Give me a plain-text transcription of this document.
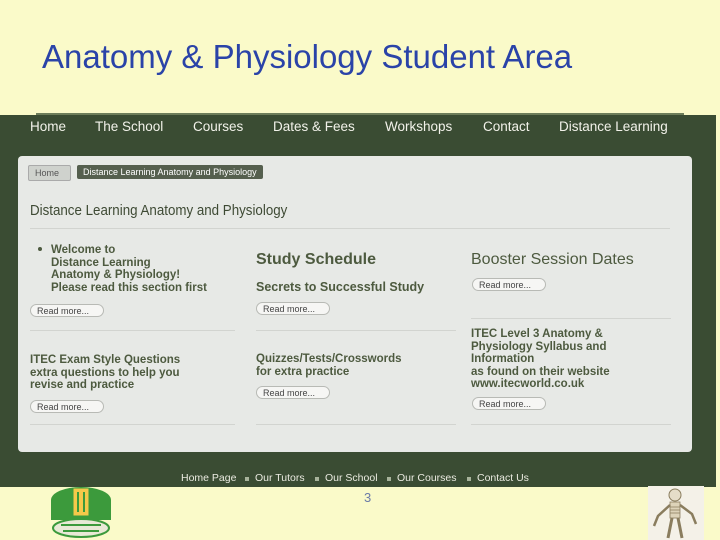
Anatomy & Physiology Student Area
Home The School Courses Dates & Fees Workshops Contact Distance Learning
Home	Distance Learning Anatomy and Physiology
Distance Learning Anatomy and Physiology
Welcome to
Distance Learning
Anatomy & Physiology!
Please read this section first
Read more...
Study Schedule
Secrets to Successful Study
Read more...
Booster Session Dates
Read more...
ITEC Exam Style Questions
extra questions to help you
revise and practice
Read more...
Quizzes/Tests/Crosswords
for extra practice
Read more...
ITEC Level 3 Anatomy &
Physiology Syllabus and
Information
as found on their website
www.itecworld.co.uk
Read more...
Home Page Our Tutors Our School Our Courses Contact Us
3
